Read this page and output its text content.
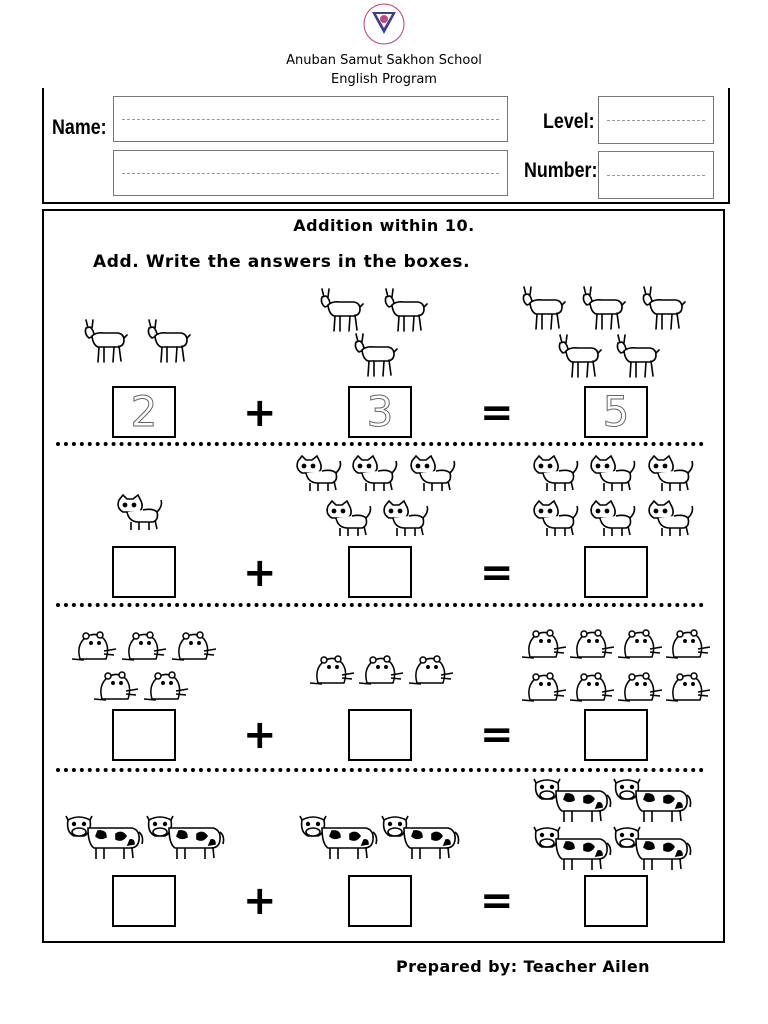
Anuban Samut Sakhon School
English Program
Name:	Level:
Number:
Addition within 10.
Add. Write the answers in the boxes.
2 + 3 = 5
+	=
+	=
+	=
Prepared by: Teacher Ailen
